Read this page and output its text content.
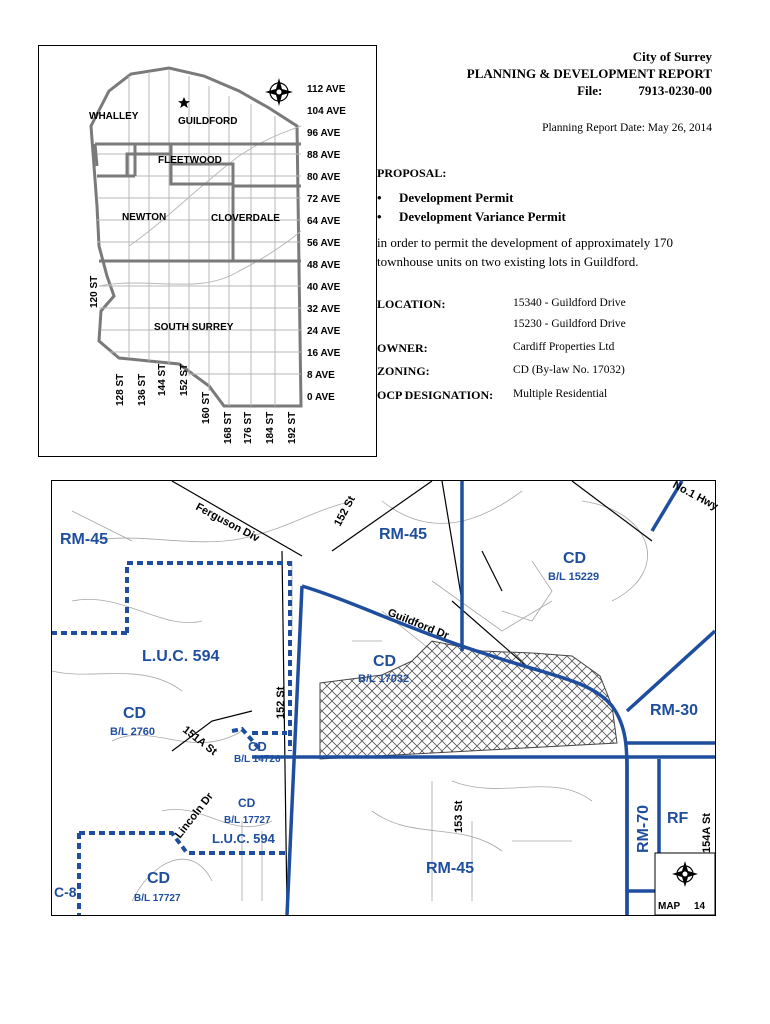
City of Surrey
PLANNING & DEVELOPMENT REPORT
File:	7913-0230-00
Planning Report Date: May 26, 2014
PROPOSAL:
• Development Permit
• Development Variance Permit
in order to permit the development of approximately 170 townhouse units on two existing lots in Guildford.
LOCATION:	15340 - Guildford Drive
15230 - Guildford Drive
OWNER:	Cardiff Properties Ltd
ZONING:	CD (By-law No. 17032)
OCP DESIGNATION: Multiple Residential
WHALLEY	GUILDFORD
FLEETWOOD
NEWTON	CLOVERDALE
SOUTH SURREY
112 AVE
104 AVE
96 AVE
88 AVE
80 AVE
72 AVE
64 AVE
56 AVE
48 AVE
40 AVE
32 AVE
24 AVE
16 AVE
8 AVE
0 AVE
120 ST
128 ST 136 ST 144 ST 152 ST
160 ST
168 ST 176 ST 184 ST 192 ST
RM-45	RM-45
CD
B/L 15229
L.U.C. 594	CD
B/L 17032
CD
B/L 2760
CD
B/L 14726
RM-30
CD
B/L 17727
L.U.C. 594
CD
B/L 17727
RM-45
RM-70 RF
C-8
Ferguson Div	152 St	No.1 Hwy
Guildford Dr
152 St
151A St
Lincoln Dr	153 St	154A St
MAP 14
